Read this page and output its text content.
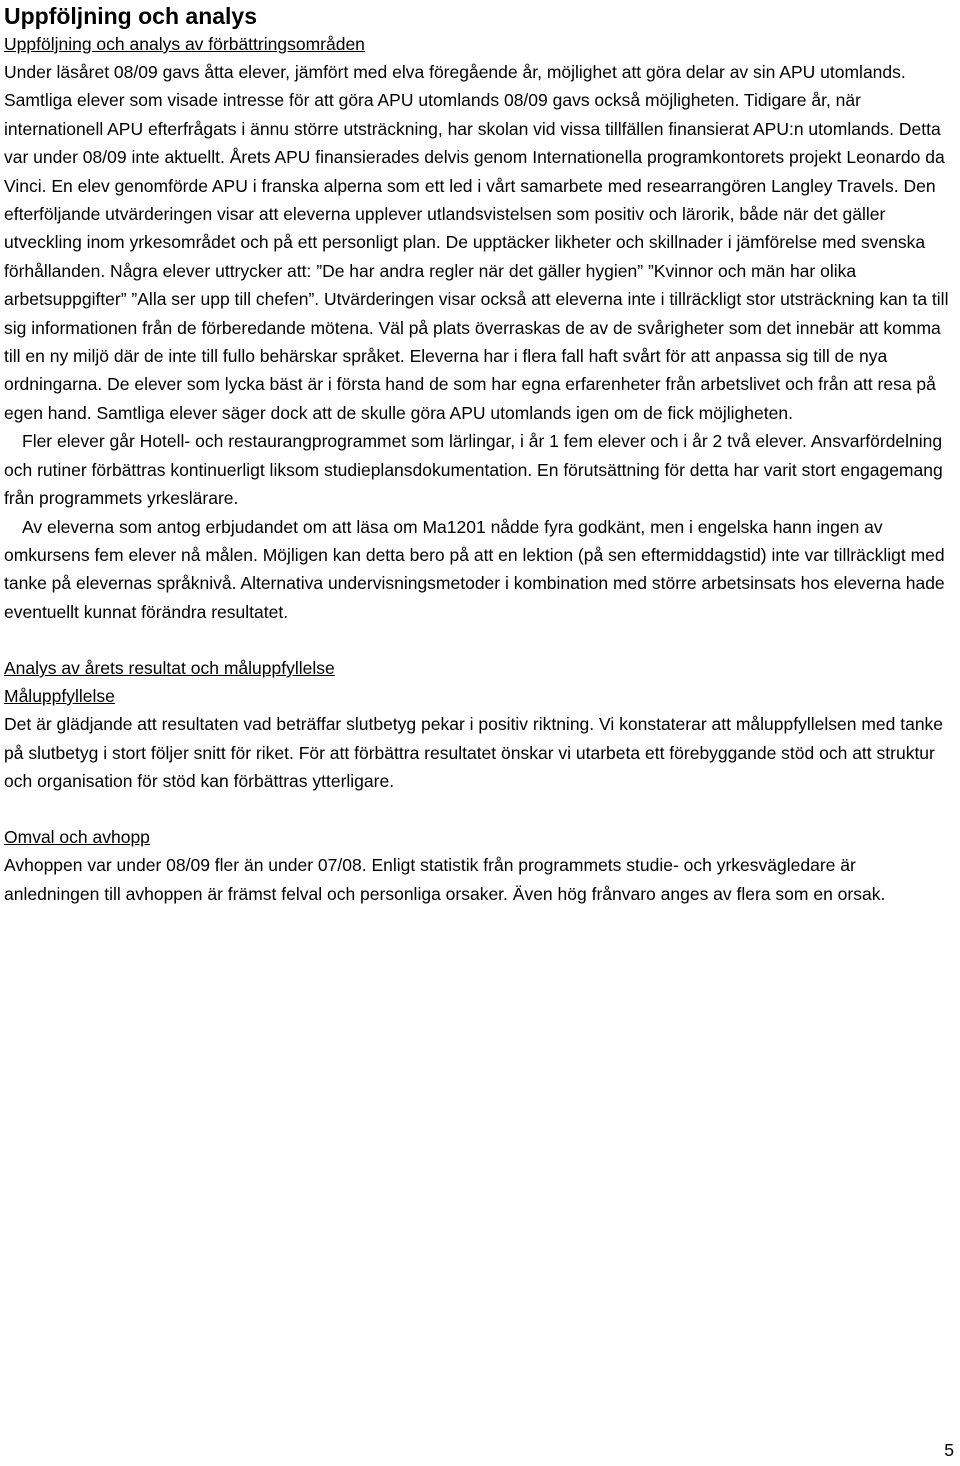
Uppföljning och analys
Uppföljning och analys av förbättringsområden

Under läsåret 08/09 gavs åtta elever, jämfört med elva föregående år, möjlighet att göra delar av sin APU utomlands. Samtliga elever som visade intresse för att göra APU utomlands 08/09 gavs också möjligheten. Tidigare år, när internationell APU efterfrågats i ännu större utsträckning, har skolan vid vissa tillfällen finansierat APU:n utomlands. Detta var under 08/09 inte aktuellt. Årets APU finansierades delvis genom Internationella programkontorets projekt Leonardo da Vinci. En elev genomförde APU i franska alperna som ett led i vårt samarbete med researrangören Langley Travels. Den efterföljande utvärderingen visar att eleverna upplever utlandsvistelsen som positiv och lärorik, både när det gäller utveckling inom yrkesområdet och på ett personligt plan. De upptäcker likheter och skillnader i jämförelse med svenska förhållanden. Några elever uttrycker att: ”De har andra regler när det gäller hygien” ”Kvinnor och män har olika arbetsuppgifter” ”Alla ser upp till chefen”. Utvärderingen visar också att eleverna inte i tillräckligt stor utsträckning kan ta till sig informationen från de förberedande mötena. Väl på plats överraskas de av de svårigheter som det innebär att komma till en ny miljö där de inte till fullo behärskar språket. Eleverna har i flera fall haft svårt för att anpassa sig till de nya ordningarna. De elever som lycka bäst är i första hand de som har egna erfarenheter från arbetslivet och från att resa på egen hand. Samtliga elever säger dock att de skulle göra APU utomlands igen om de fick möjligheten.

Fler elever går Hotell- och restaurangprogrammet som lärlingar, i år 1 fem elever och i år 2 två elever. Ansvarfördelning och rutiner förbättras kontinuerligt liksom studieplansdokumentation. En förutsättning för detta har varit stort engagemang från programmets yrkeslärare.

Av eleverna som antog erbjudandet om att läsa om Ma1201 nådde fyra godkänt, men i engelska hann ingen av omkursens fem elever nå målen. Möjligen kan detta bero på att en lektion (på sen eftermiddagstid) inte var tillräckligt med tanke på elevernas språknivå. Alternativa undervisningsmetoder i kombination med större arbetsinsats hos eleverna hade eventuellt kunnat förändra resultatet.

Analys av årets resultat och måluppfyllelse
Måluppfyllelse

Det är glädjande att resultaten vad beträffar slutbetyg pekar i positiv riktning. Vi konstaterar att måluppfyllelsen med tanke på slutbetyg i stort följer snitt för riket. För att förbättra resultatet önskar vi utarbeta ett förebyggande stöd och att struktur och organisation för stöd kan förbättras ytterligare.

Omval och avhopp

Avhoppen var under 08/09 fler än under 07/08. Enligt statistik från programmets studie- och yrkesvägledare är anledningen till avhoppen är främst felval och personliga orsaker. Även hög frånvaro anges av flera som en orsak.

5
